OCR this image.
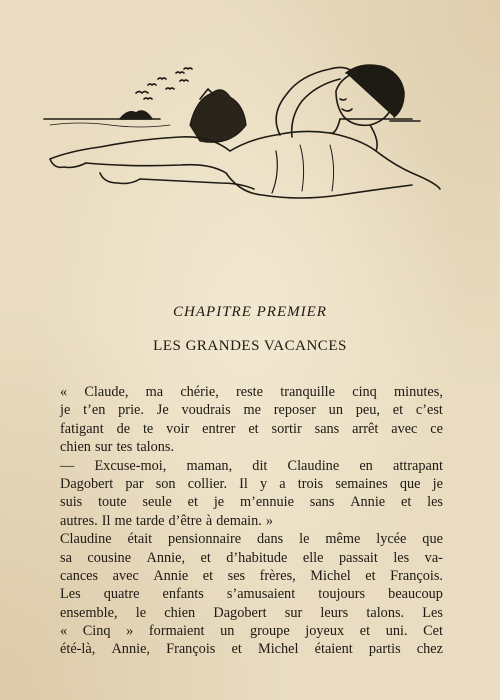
CHAPITRE PREMIER
LES GRANDES VACANCES
« Claude, ma chérie, reste tranquille cinq minutes,
je t’en prie. Je voudrais me reposer un peu, et c’est
fatigant de te voir entrer et sortir sans arrêt avec ce
chien sur tes talons.
— Excuse-moi, maman, dit Claudine en attrapant
Dagobert par son collier. Il y a trois semaines que je
suis toute seule et je m’ennuie sans Annie et les
autres. Il me tarde d’être à demain. »
Claudine était pensionnaire dans le même lycée que
sa cousine Annie, et d’habitude elle passait les va-
cances avec Annie et ses frères, Michel et François.
Les quatre enfants s’amusaient toujours beaucoup
ensemble, le chien Dagobert sur leurs talons. Les
« Cinq » formaient un groupe joyeux et uni. Cet
été-là, Annie, François et Michel étaient partis chez
